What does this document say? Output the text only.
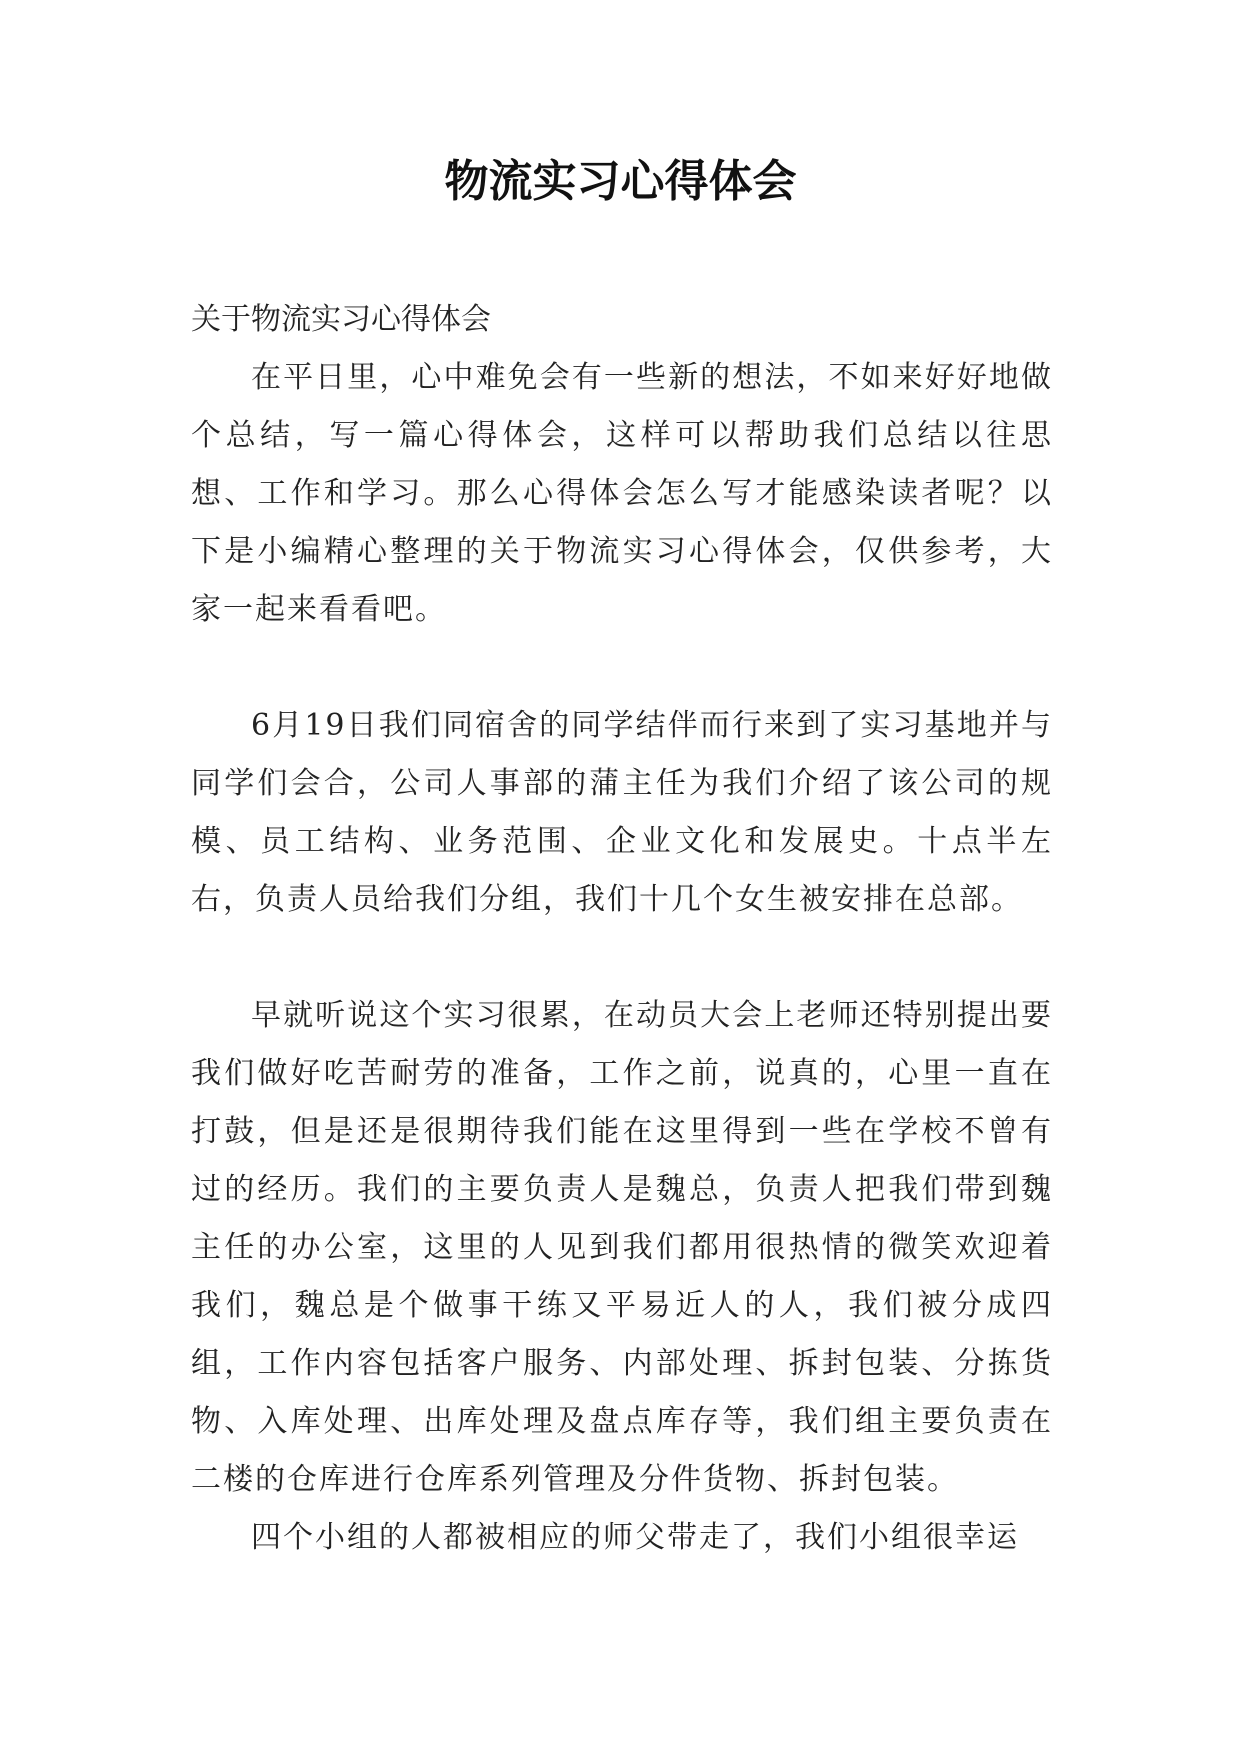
物流实习心得体会
关于物流实习心得体会

在平日里，心中难免会有一些新的想法，不如来好好地做个总结，写一篇心得体会，这样可以帮助我们总结以往思想、工作和学习。那么心得体会怎么写才能感染读者呢？以下是小编精心整理的关于物流实习心得体会，仅供参考，大家一起来看看吧。

6月19日我们同宿舍的同学结伴而行来到了实习基地并与同学们会合，公司人事部的蒲主任为我们介绍了该公司的规模、员工结构、业务范围、企业文化和发展史。十点半左右，负责人员给我们分组，我们十几个女生被安排在总部。

早就听说这个实习很累，在动员大会上老师还特别提出要我们做好吃苦耐劳的准备，工作之前，说真的，心里一直在打鼓，但是还是很期待我们能在这里得到一些在学校不曾有过的经历。我们的主要负责人是魏总，负责人把我们带到魏主任的办公室，这里的人见到我们都用很热情的微笑欢迎着我们，魏总是个做事干练又平易近人的人，我们被分成四组，工作内容包括客户服务、内部处理、拆封包装、分拣货物、入库处理、出库处理及盘点库存等，我们组主要负责在二楼的仓库进行仓库系列管理及分件货物、拆封包装。

四个小组的人都被相应的师父带走了，我们小组很幸运
